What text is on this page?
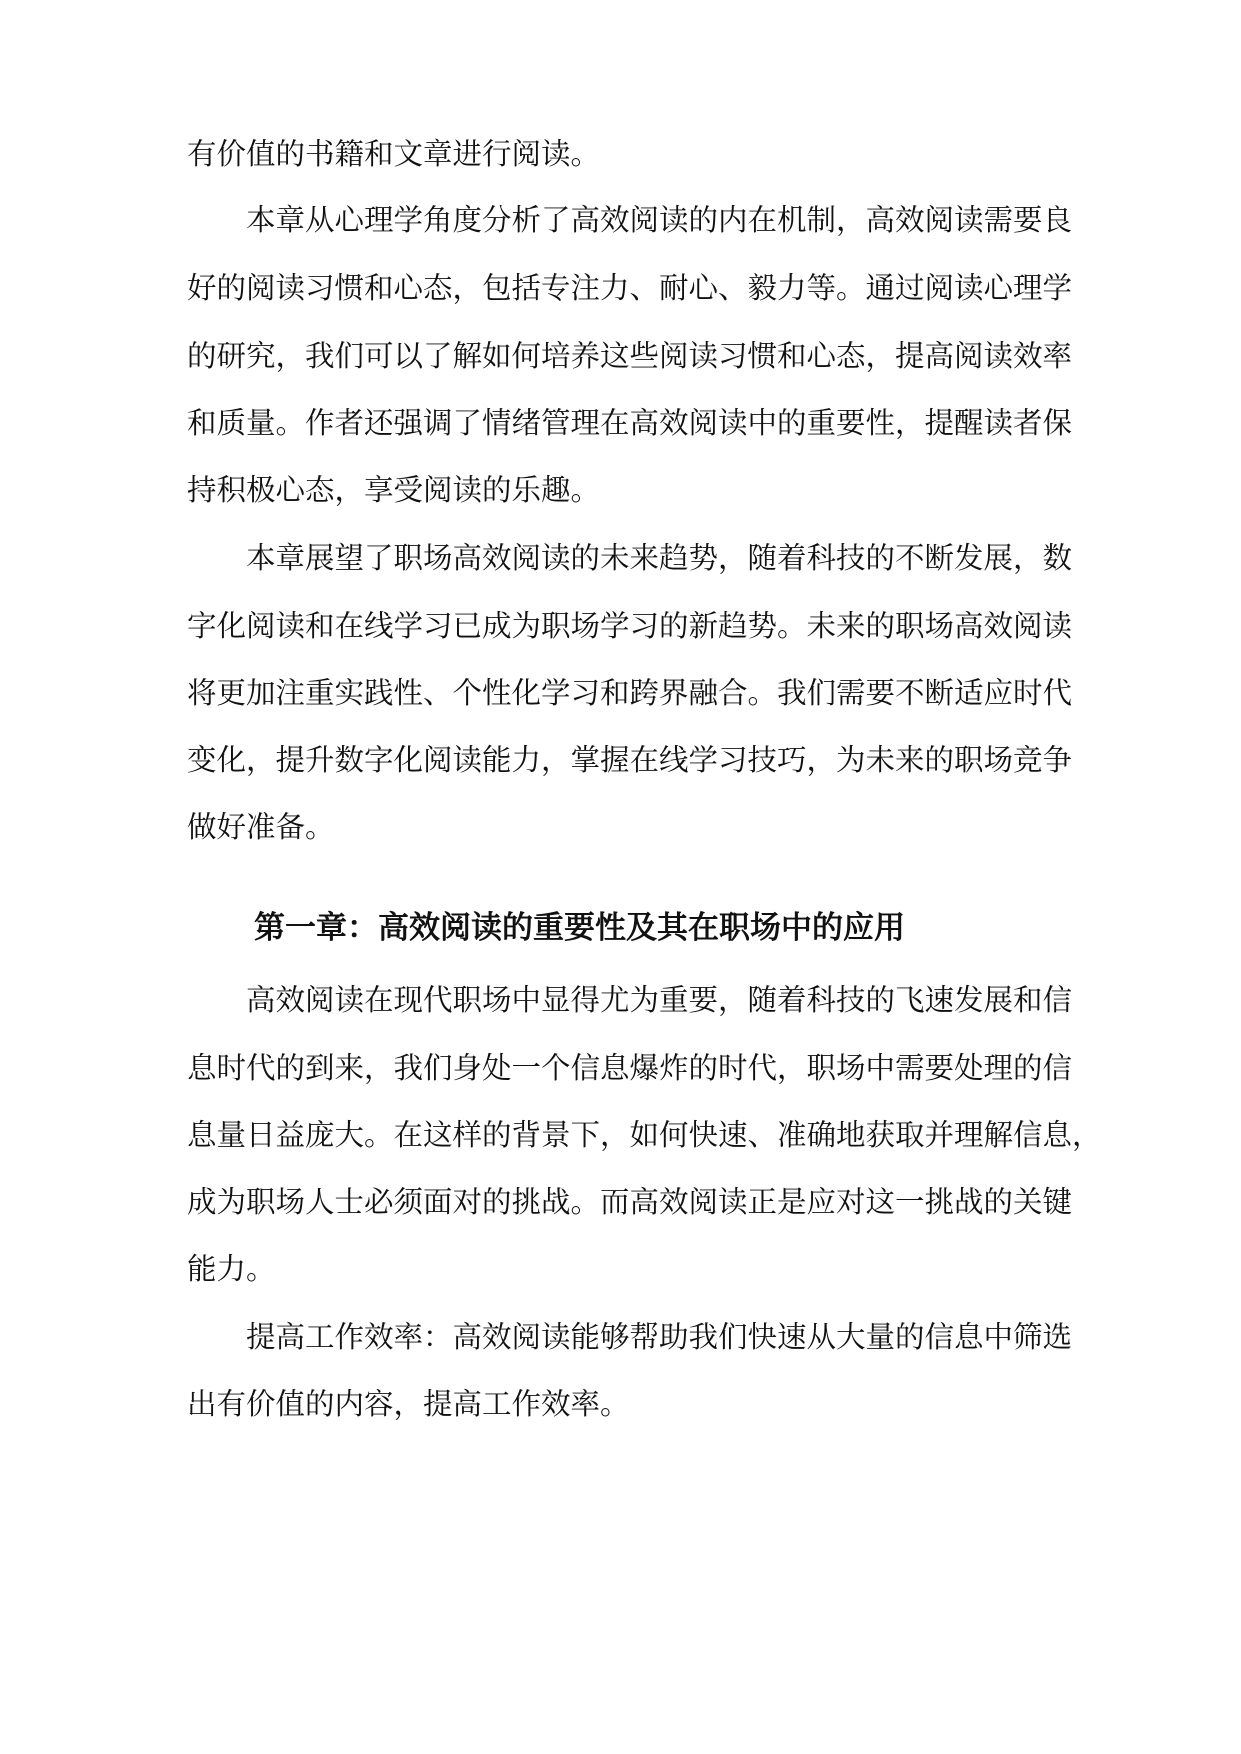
有价值的书籍和文章进行阅读。
本章从心理学角度分析了高效阅读的内在机制，高效阅读需要良
好的阅读习惯和心态，包括专注力、耐心、毅力等。通过阅读心理学
的研究，我们可以了解如何培养这些阅读习惯和心态，提高阅读效率
和质量。作者还强调了情绪管理在高效阅读中的重要性，提醒读者保
持积极心态，享受阅读的乐趣。
本章展望了职场高效阅读的未来趋势，随着科技的不断发展，数
字化阅读和在线学习已成为职场学习的新趋势。未来的职场高效阅读
将更加注重实践性、个性化学习和跨界融合。我们需要不断适应时代
变化，提升数字化阅读能力，掌握在线学习技巧，为未来的职场竞争
做好准备。
第一章：高效阅读的重要性及其在职场中的应用
高效阅读在现代职场中显得尤为重要，随着科技的飞速发展和信
息时代的到来，我们身处一个信息爆炸的时代，职场中需要处理的信
息量日益庞大。在这样的背景下，如何快速、准确地获取并理解信息，
成为职场人士必须面对的挑战。而高效阅读正是应对这一挑战的关键
能力。
提高工作效率：高效阅读能够帮助我们快速从大量的信息中筛选
出有价值的内容，提高工作效率。
